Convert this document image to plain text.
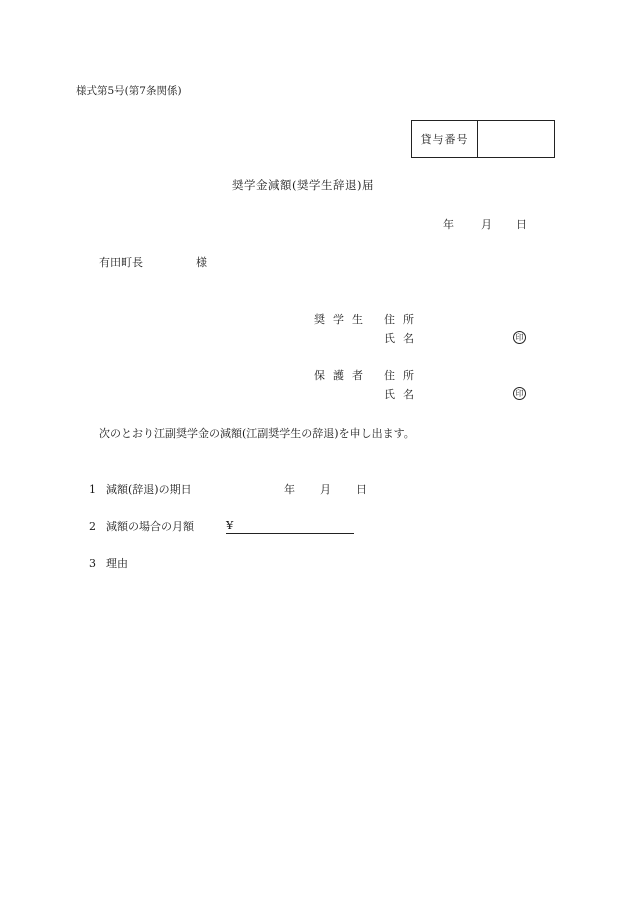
様式第5号(第7条関係)
貸与番号
奨学金減額(奨学生辞退)届
年 月 日
有田町長	様
奨学生 住所
氏名	印
保護者 住所
氏名	印
次のとおり江副奨学金の減額(江副奨学生の辞退)を申し出ます。
1 減額(辞退)の期日	年 月 日
2 減額の場合の月額	¥
3 理由
